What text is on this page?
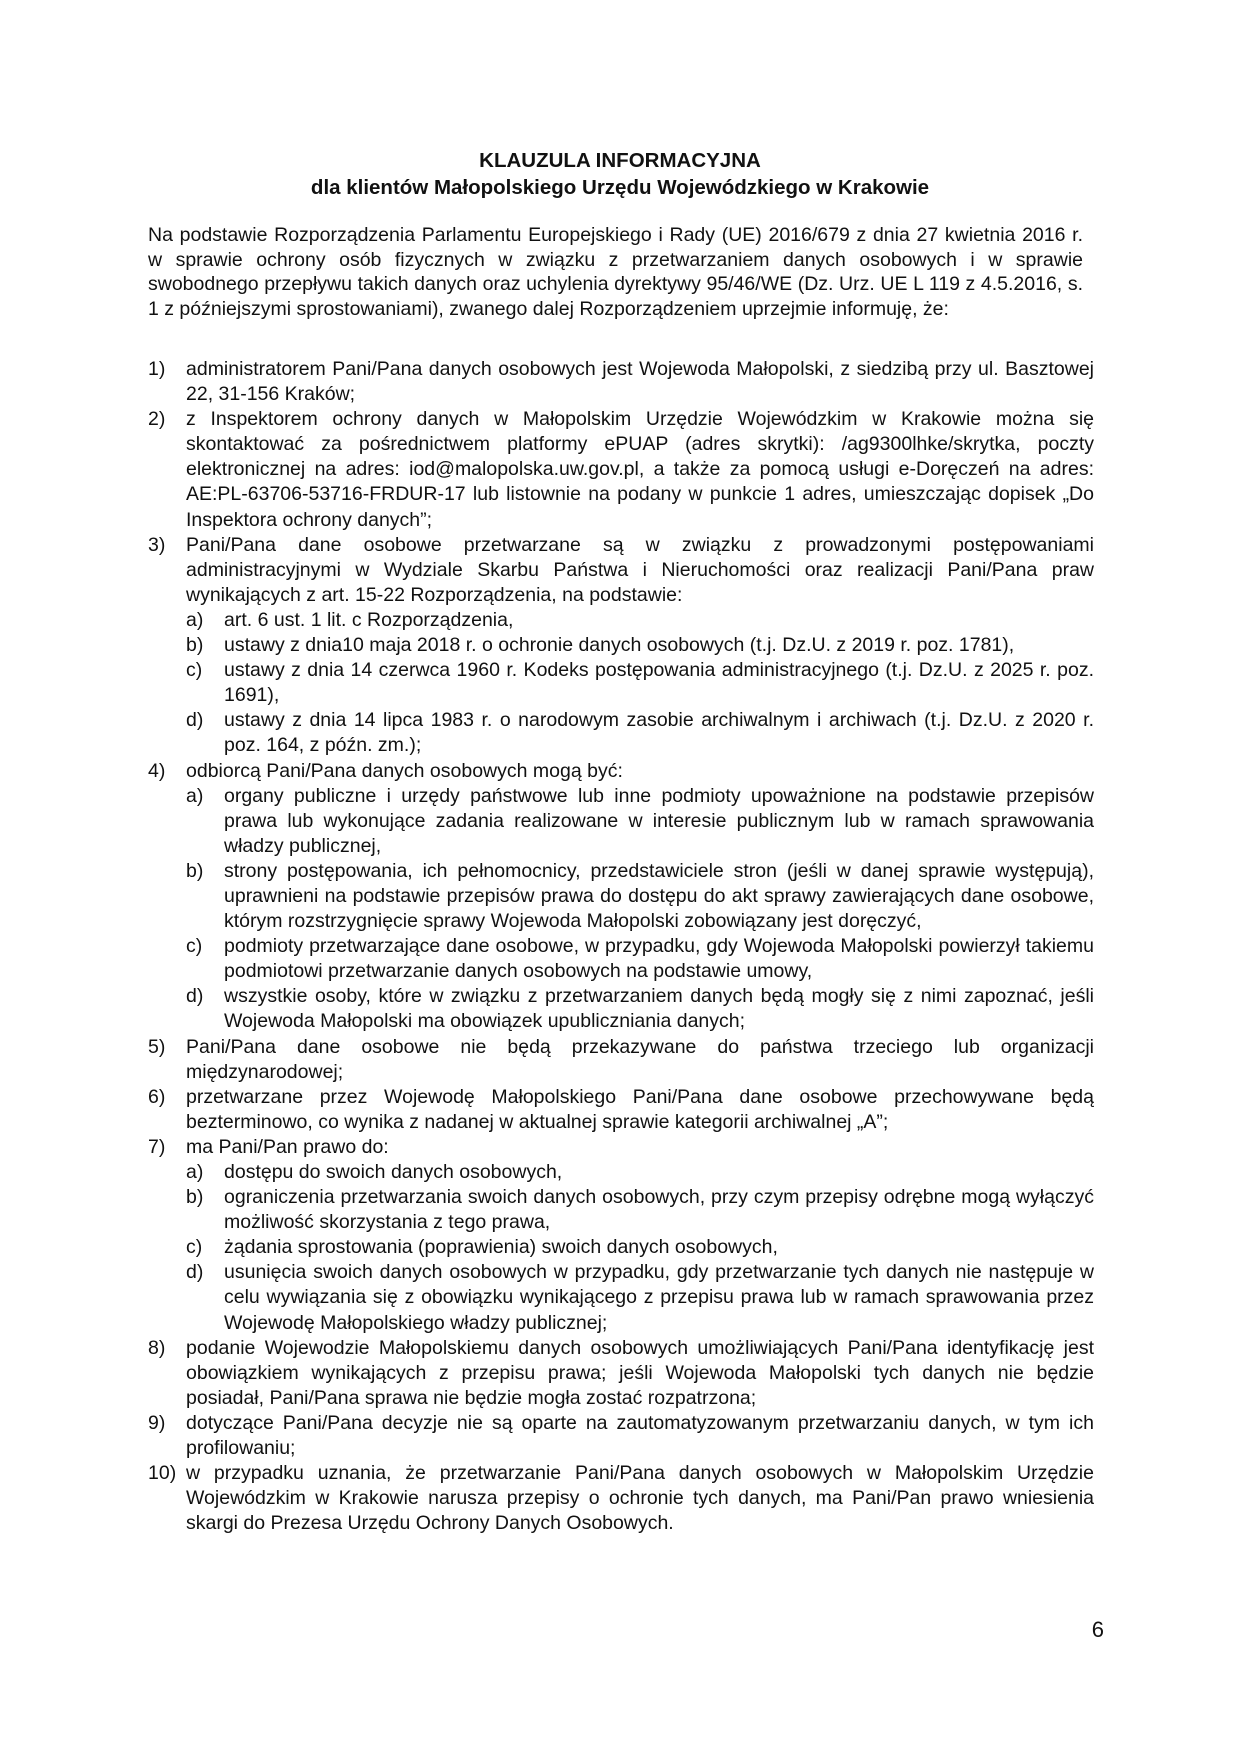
KLAUZULA INFORMACYJNA
dla klientów Małopolskiego Urzędu Wojewódzkiego w Krakowie

Na podstawie Rozporządzenia Parlamentu Europejskiego i Rady (UE) 2016/679 z dnia 27 kwietnia 2016 r. w sprawie ochrony osób fizycznych w związku z przetwarzaniem danych osobowych i w sprawie swobodnego przepływu takich danych oraz uchylenia dyrektywy 95/46/WE (Dz. Urz. UE L 119 z 4.5.2016, s. 1 z późniejszymi sprostowaniami), zwanego dalej Rozporządzeniem uprzejmie informuję, że:

1)	administratorem Pani/Pana danych osobowych jest Wojewoda Małopolski, z siedzibą przy ul. Basztowej 22, 31-156 Kraków;
2)	z Inspektorem ochrony danych w Małopolskim Urzędzie Wojewódzkim w Krakowie można się skontaktować za pośrednictwem platformy ePUAP (adres skrytki): /ag9300lhke/skrytka, poczty elektronicznej na adres: iod@malopolska.uw.gov.pl, a także za pomocą usługi e-Doręczeń na adres: AE:PL-63706-53716-FRDUR-17 lub listownie na podany w punkcie 1 adres, umieszczając dopisek „Do Inspektora ochrony danych”;
3)	Pani/Pana dane osobowe przetwarzane są w związku z prowadzonymi postępowaniami administracyjnymi w Wydziale Skarbu Państwa i Nieruchomości oraz realizacji Pani/Pana praw wynikających z art. 15-22 Rozporządzenia, na podstawie:
a)	art. 6 ust. 1 lit. c Rozporządzenia,
b)	ustawy z dnia10 maja 2018 r. o ochronie danych osobowych (t.j. Dz.U. z 2019 r. poz. 1781),
c)	ustawy z dnia 14 czerwca 1960 r. Kodeks postępowania administracyjnego (t.j. Dz.U. z 2025 r. poz. 1691),
d)	ustawy z dnia 14 lipca 1983 r. o narodowym zasobie archiwalnym i archiwach (t.j. Dz.U. z 2020 r. poz. 164, z późn. zm.);
4)	odbiorcą Pani/Pana danych osobowych mogą być:
a)	organy publiczne i urzędy państwowe lub inne podmioty upoważnione na podstawie przepisów prawa lub wykonujące zadania realizowane w interesie publicznym lub w ramach sprawowania władzy publicznej,
b)	strony postępowania, ich pełnomocnicy, przedstawiciele stron (jeśli w danej sprawie występują), uprawnieni na podstawie przepisów prawa do dostępu do akt sprawy zawierających dane osobowe, którym rozstrzygnięcie sprawy Wojewoda Małopolski zobowiązany jest doręczyć,
c)	podmioty przetwarzające dane osobowe, w przypadku, gdy Wojewoda Małopolski powierzył takiemu podmiotowi przetwarzanie danych osobowych na podstawie umowy,
d)	wszystkie osoby, które w związku z przetwarzaniem danych będą mogły się z nimi zapoznać, jeśli Wojewoda Małopolski ma obowiązek upubliczniania danych;
5)	Pani/Pana dane osobowe nie będą przekazywane do państwa trzeciego lub organizacji międzynarodowej;
6)	przetwarzane przez Wojewodę Małopolskiego Pani/Pana dane osobowe przechowywane będą bezterminowo, co wynika z nadanej w aktualnej sprawie kategorii archiwalnej „A”;
7)	ma Pani/Pan prawo do:
a)	dostępu do swoich danych osobowych,
b)	ograniczenia przetwarzania swoich danych osobowych, przy czym przepisy odrębne mogą wyłączyć możliwość skorzystania z tego prawa,
c)	żądania sprostowania (poprawienia) swoich danych osobowych,
d)	usunięcia swoich danych osobowych w przypadku, gdy przetwarzanie tych danych nie następuje w celu wywiązania się z obowiązku wynikającego z przepisu prawa lub w ramach sprawowania przez Wojewodę Małopolskiego władzy publicznej;
8)	podanie Wojewodzie Małopolskiemu danych osobowych umożliwiających Pani/Pana identyfikację jest obowiązkiem wynikających z przepisu prawa; jeśli Wojewoda Małopolski tych danych nie będzie posiadał, Pani/Pana sprawa nie będzie mogła zostać rozpatrzona;
9)	dotyczące Pani/Pana decyzje nie są oparte na zautomatyzowanym przetwarzaniu danych, w tym ich profilowaniu;
10) w przypadku uznania, że przetwarzanie Pani/Pana danych osobowych w Małopolskim Urzędzie Wojewódzkim w Krakowie narusza przepisy o ochronie tych danych, ma Pani/Pan prawo wniesienia skargi do Prezesa Urzędu Ochrony Danych Osobowych.
6
